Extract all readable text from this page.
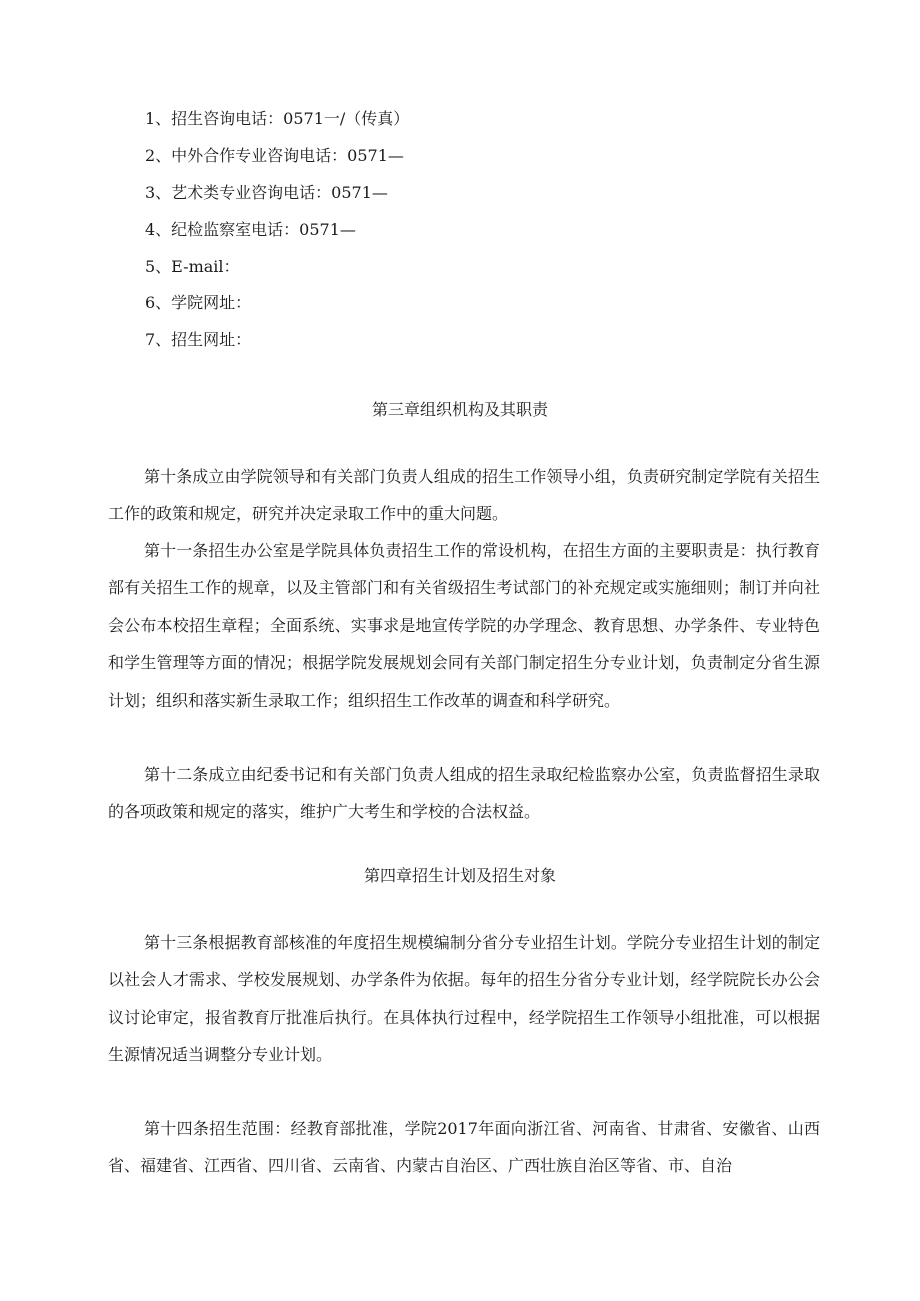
1、招生咨询电话：0571一/（传真）
2、中外合作专业咨询电话：0571—
3、艺术类专业咨询电话：0571—
4、纪检监察室电话：0571—
5、E-mail：
6、学院网址：
7、招生网址：
第三章组织机构及其职责

第十条成立由学院领导和有关部门负责人组成的招生工作领导小组，负责研究制定学院有关招生工作的政策和规定，研究并决定录取工作中的重大问题。

第十一条招生办公室是学院具体负责招生工作的常设机构，在招生方面的主要职责是：执行教育部有关招生工作的规章，以及主管部门和有关省级招生考试部门的补充规定或实施细则；制订并向社会公布本校招生章程；全面系统、实事求是地宣传学院的办学理念、教育思想、办学条件、专业特色和学生管理等方面的情况；根据学院发展规划会同有关部门制定招生分专业计划，负责制定分省生源计划；组织和落实新生录取工作；组织招生工作改革的调查和科学研究。

第十二条成立由纪委书记和有关部门负责人组成的招生录取纪检监察办公室，负责监督招生录取的各项政策和规定的落实，维护广大考生和学校的合法权益。

第四章招生计划及招生对象

第十三条根据教育部核准的年度招生规模编制分省分专业招生计划。学院分专业招生计划的制定以社会人才需求、学校发展规划、办学条件为依据。每年的招生分省分专业计划，经学院院长办公会议讨论审定，报省教育厅批准后执行。在具体执行过程中，经学院招生工作领导小组批准，可以根据生源情况适当调整分专业计划。

第十四条招生范围：经教育部批准，学院2017年面向浙江省、河南省、甘肃省、安徽省、山西省、福建省、江西省、四川省、云南省、内蒙古自治区、广西壮族自治区等省、市、自治
